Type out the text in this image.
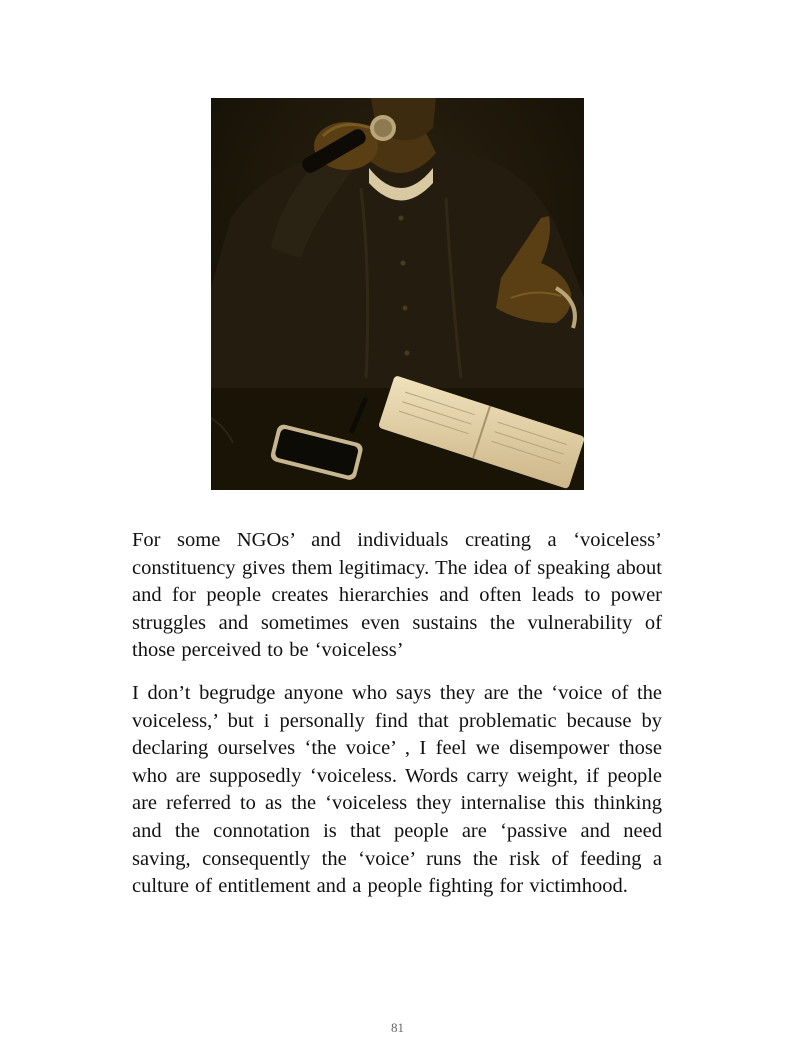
For some NGOs’ and individuals creating a ‘voiceless’ constituency gives them legitimacy. The idea of speaking about and for people creates hierarchies and often leads to power struggles and sometimes even sustains the vulnerability of those perceived to be ‘voiceless’
I don’t begrudge anyone who says they are the ‘voice of the voiceless,’ but i personally find that problematic because by declaring ourselves ‘the voice’ , I feel we disempower those who are supposedly ‘voiceless. Words carry weight, if people are referred to as the ‘voiceless they internalise this thinking and the connotation is that people are ‘passive and need saving, consequently the ‘voice’ runs the risk of feeding a culture of entitlement and a people fighting for victimhood.
81
